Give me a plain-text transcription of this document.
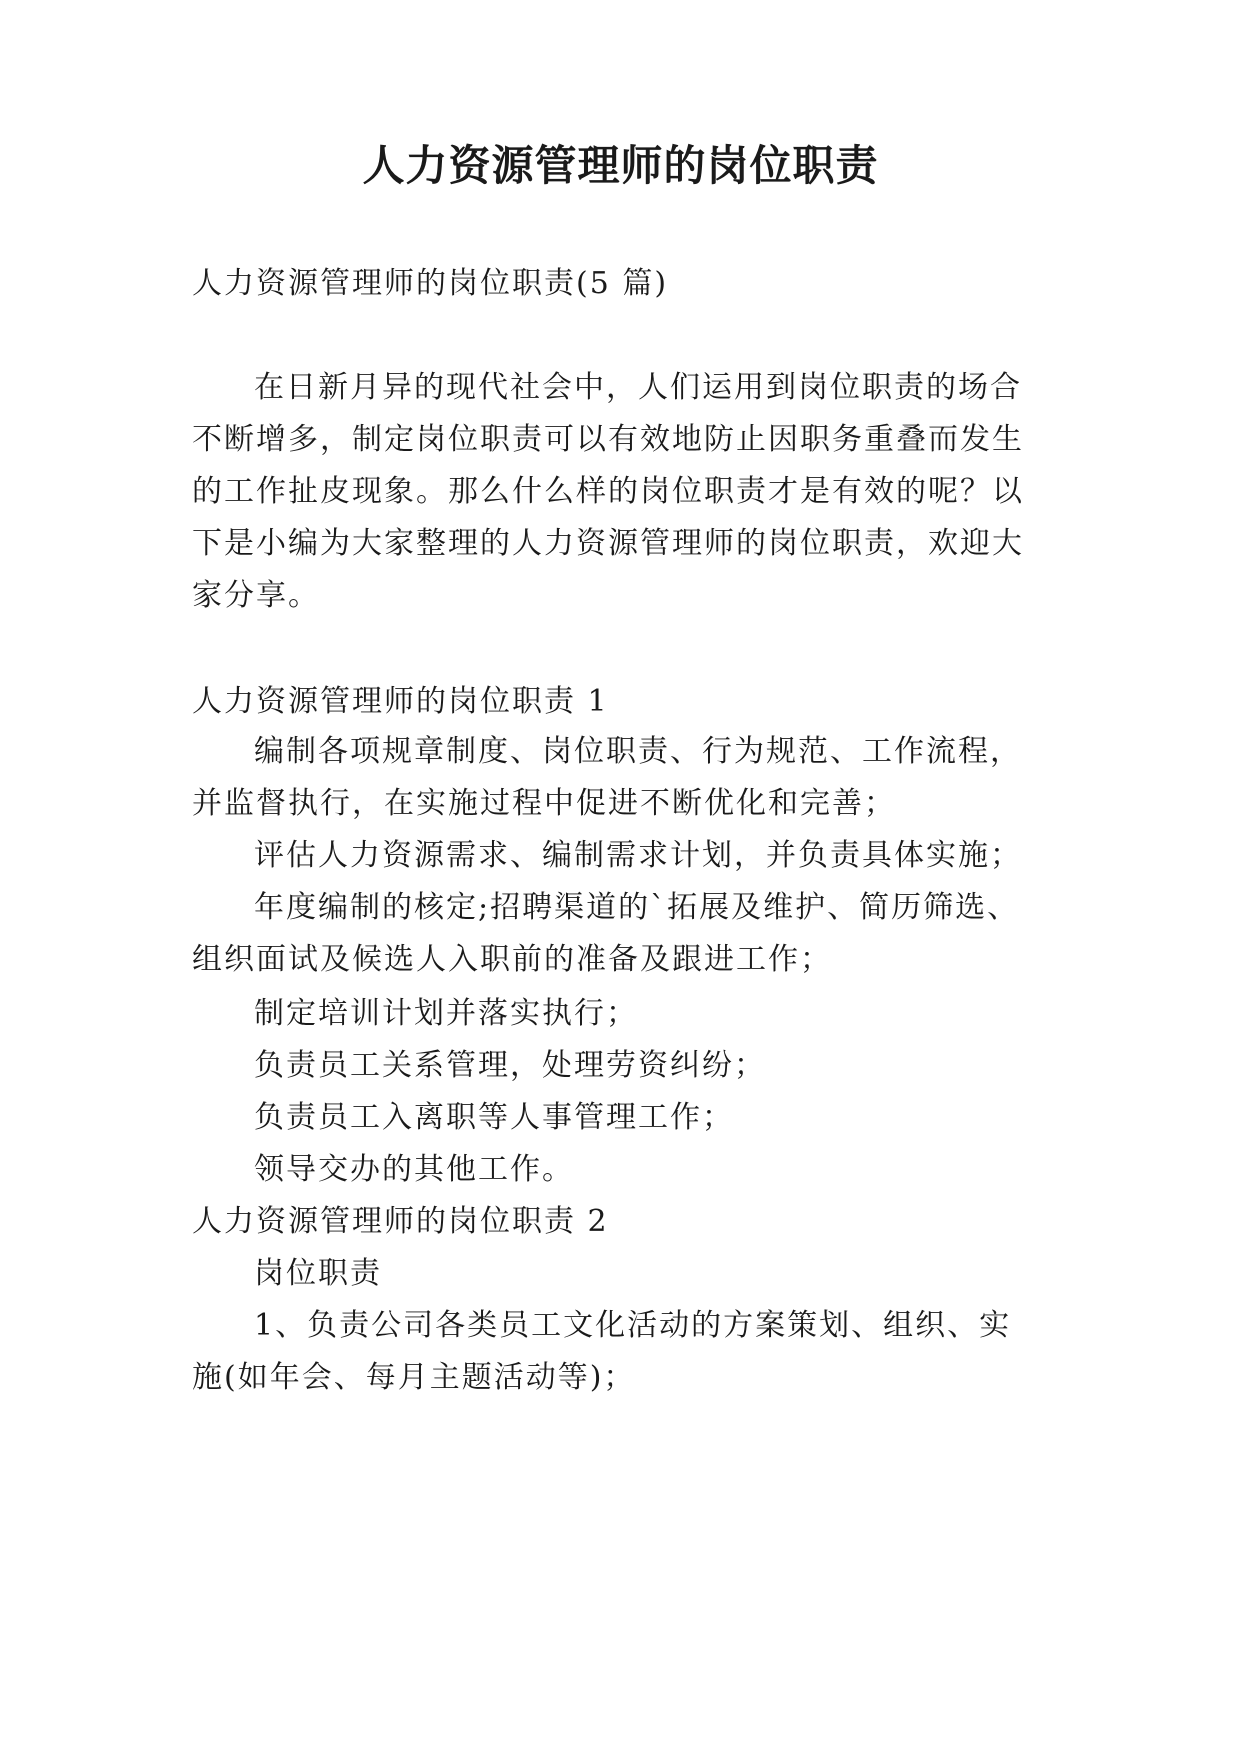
人力资源管理师的岗位职责
人力资源管理师的岗位职责(5 篇)
在日新月异的现代社会中，人们运用到岗位职责的场合
不断增多，制定岗位职责可以有效地防止因职务重叠而发生
的工作扯皮现象。那么什么样的岗位职责才是有效的呢？以
下是小编为大家整理的人力资源管理师的岗位职责，欢迎大
家分享。
人力资源管理师的岗位职责 1
编制各项规章制度、岗位职责、行为规范、工作流程，
并监督执行，在实施过程中促进不断优化和完善；
评估人力资源需求、编制需求计划，并负责具体实施；
年度编制的核定;招聘渠道的`拓展及维护、简历筛选、
组织面试及候选人入职前的准备及跟进工作；
制定培训计划并落实执行；
负责员工关系管理，处理劳资纠纷；
负责员工入离职等人事管理工作；
领导交办的其他工作。
人力资源管理师的岗位职责 2
岗位职责
1、负责公司各类员工文化活动的方案策划、组织、实
施(如年会、每月主题活动等)；
